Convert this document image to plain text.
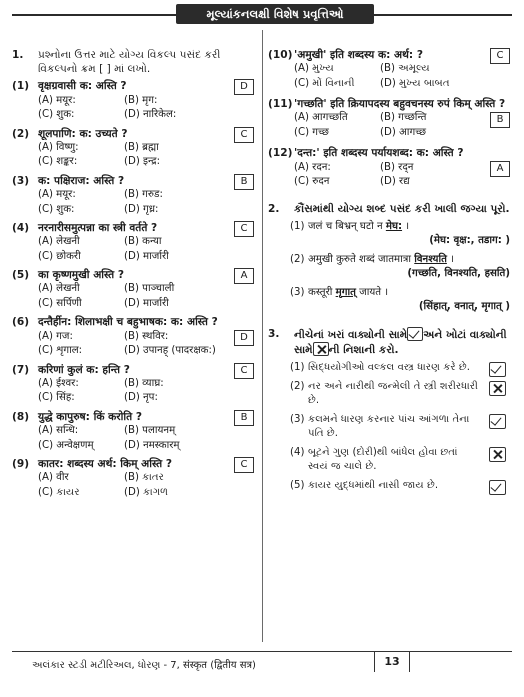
મૂલ્યાંકનલક્ષી વિશેષ પ્રવૃત્તિઓ
1. પ્રશ્નોના ઉત્તર માટે યોગ્ય વિકલ્પ પસંદ કરી વિકલ્પનો ક્રમ [ ] માં લખો.
(1) वृक्षग्रवासी क: अस्ति ?	D
(A) मयूर:	(B) मृग:
(C) शुक:	(D) नारिकेल:
(2) शूलपाणि: क: उच्यते ?	C
(A) विष्णु:	(B) ब्रह्मा
(C) शङ्कर:	(D) इन्द्र:
(3) क: पक्षिराज: अस्ति ?	B
(A) मयूर:	(B) गरुड:
(C) शुक:	(D) गृध्र:
(4) नरनारीसमुत्पन्ना का स्त्री वर्तते ?	C
(A) लेखनी	(B) कन्या
(C) छोकरी	(D) मार्जारी
(5) का कृष्णमुखी अस्ति ?	A
(A) लेखनी	(B) पाञ्चाली
(C) सर्पिणी	(D) मार्जारी
(6) दन्तैर्हीन: शिलाभक्षी च बहुभाषक: क: अस्ति ?
D
(A) गज:	(B) स्थविर:
(C) शृगाल:	(D) उपानह् (पादरक्षक:)
(7) करिणां कुलं क: हन्ति ?	C
(A) ईश्वर:	(B) व्याघ्र:
(C) सिंह:	(D) नृप:
(8) युद्धे कापुरुष: किं करोति ?	B
(A) सन्धि:	(B) पलायनम्
(C) अन्वेक्षणम्	(D) नमस्कारम्
(9) कातर: शब्दस्य अर्थ: किम् अस्ति ?	C
(A) वीर	(B) કાતર
(C) કાયર	(D) કાગળ
(10) 'अमुखी' इति शब्दस्य क: अर्थ: ?	C
(A) મુખ્ય	(B) અમૂલ્ય
(C) મોં વિનાની	(D) મુખ્ય બાબત
(11) 'गच्छति' इति क्रियापदस्य बहुवचनस्य रुपं किम् अस्ति ?
B
(A) आगच्छति	(B) गच्छन्ति
(C) गच्छ	(D) आगच्छ
(12) 'दन्त:' इति शब्दस्य पर्यायशब्द: क: अस्ति ?
A
(A) रदन:	(B) रद्न
(C) रुदन	(D) रद्य
2. કૌંસમાંથી યોગ્ય શબ્દ પસંદ કરી ખાલી જગ્યા પૂરો.
(1) जलं च बिभ्रन् घटो न मेघ: ।
(मेघ: वृक्ष:, तडाग: )
(2) अमुखी कुरुते शब्दं जातमात्रा विनश्यति ।
(गच्छति, विनश्यति, हसति)
(3) कस्तूरी मृगात् जायते ।
(सिंहात्, वनात्, मृगात् )
3. નીચેનાં ખરાં વાક્યોની સામે અને ખોટાં વાક્યોની સામે ની નિશાની કરો.
(1) સિદ્ધયોગીઓ વલ્કલ વસ્ત્ર ધારણ કરે છે.
(2) નર અને નારીથી જન્મેલી તે સ્ત્રી શરીરધારી છે.
(3) કલમને ધારણ કરનાર પાંચ આંગળા તેના પતિ છે.
(4) બૂટને ગુણ (દોરી)થી બાંધેલ હોવા છતાં સ્વયં જ ચાલે છે.
(5) કાયર યુદ્ધમાંથી નાસી જાય છે.
અલંકાર સ્ટડી મટીરિઅલ, ધોરણ - 7, संस्कृत (द्वितीय सत्र)	13
